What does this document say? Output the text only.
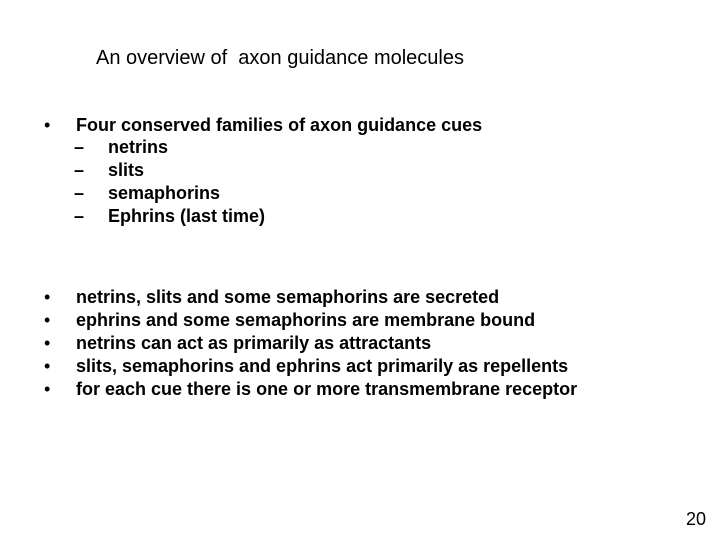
An overview of  axon guidance molecules
•	Four conserved families of axon guidance cues
–	netrins
–	slits
–	semaphorins
–	Ephrins (last time)
•	netrins, slits and some semaphorins are secreted
•	ephrins and some semaphorins are membrane bound
•	netrins can act as primarily as attractants
•	slits, semaphorins and ephrins act primarily as repellents
•	for each cue there is one or more transmembrane receptor
20
